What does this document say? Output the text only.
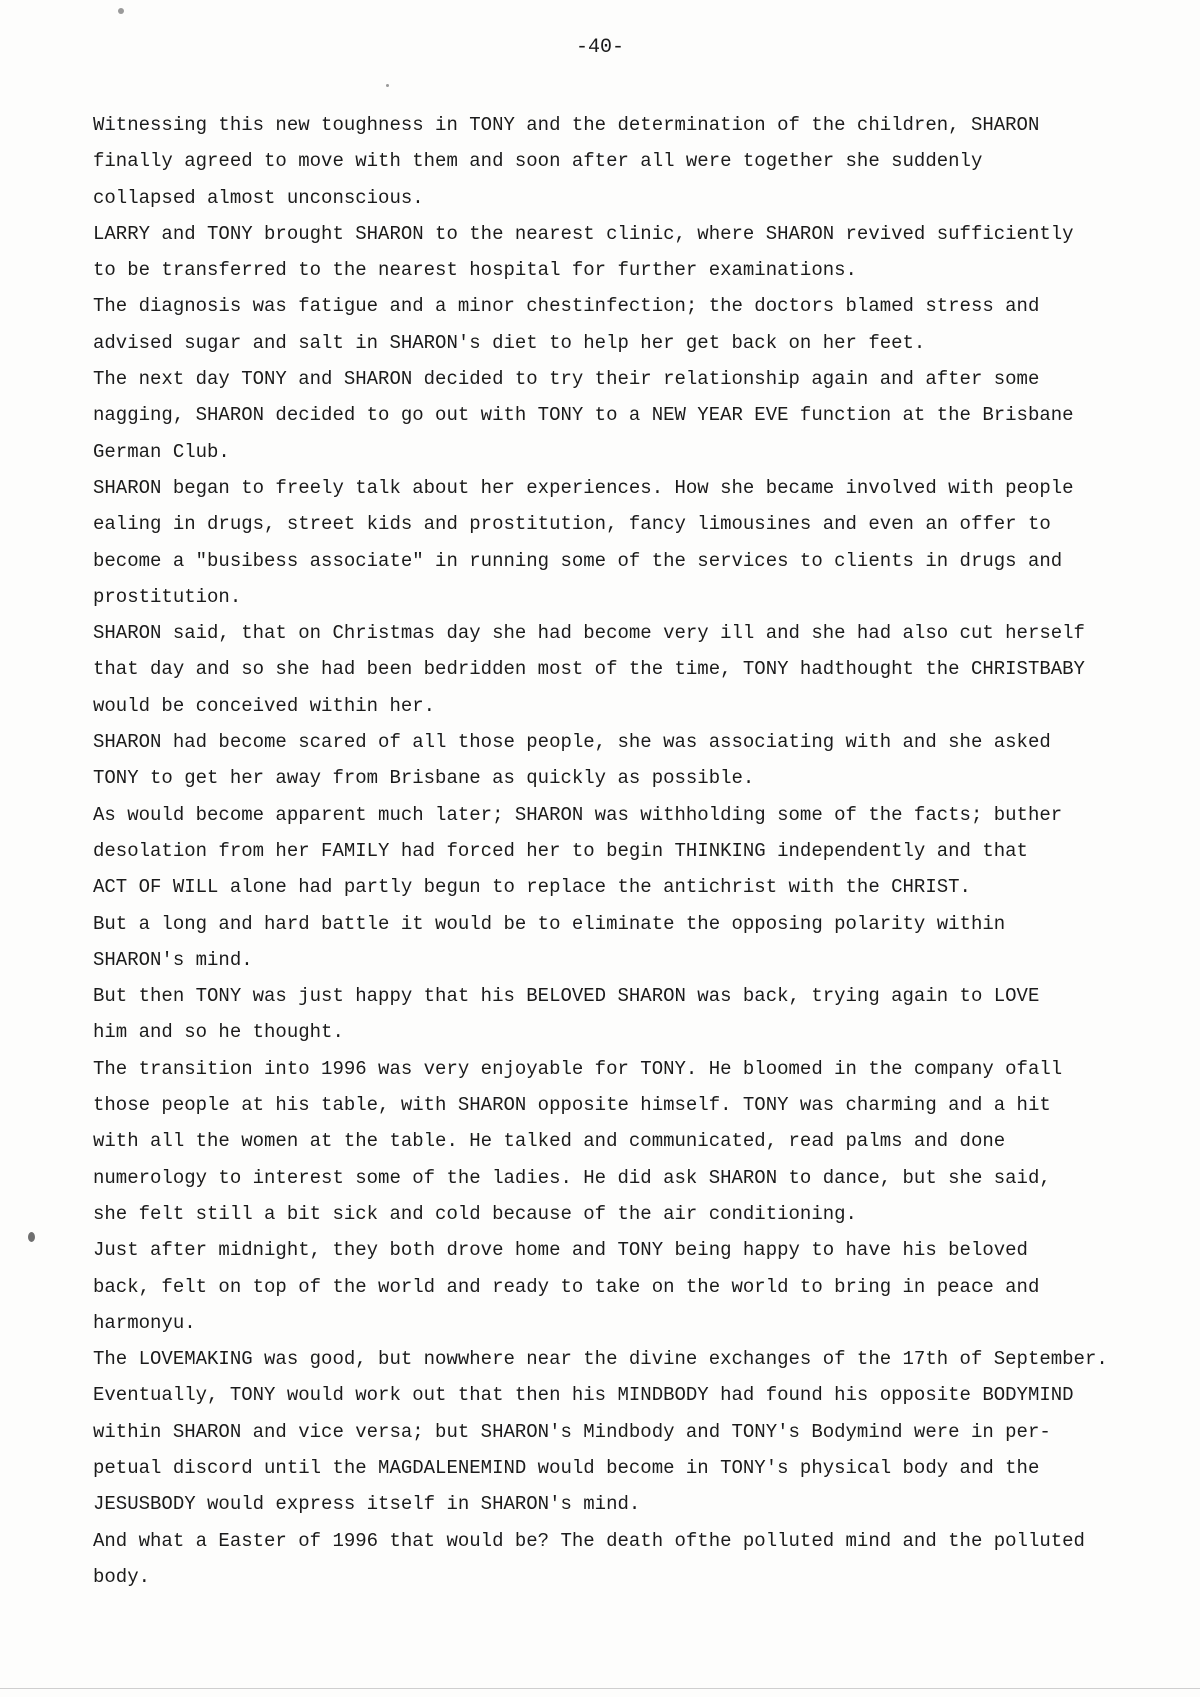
-40-
Witnessing this new toughness in TONY and the determination of the children, SHARON
finally agreed to move with them and soon after all were together she suddenly
collapsed almost unconscious.
LARRY and TONY brought SHARON to the nearest clinic, where SHARON revived sufficiently
to be transferred to the nearest hospital for further examinations.
The diagnosis was fatigue and a minor chestinfection; the doctors blamed stress and
advised sugar and salt in SHARON's diet to help her get back on her feet.
The next day TONY and SHARON decided to try their relationship again and after some
nagging, SHARON decided to go out with TONY to a NEW YEAR EVE function at the Brisbane
German Club.
SHARON began to freely talk about her experiences. How she became involved with people
ealing in drugs, street kids and prostitution, fancy limousines and even an offer to
become a "busibess associate" in running some of the services to clients in drugs and
prostitution.
SHARON said, that on Christmas day she had become very ill and she had also cut herself
that day and so she had been bedridden most of the time, TONY hadthought the CHRISTBABY
would be conceived within her.
SHARON had become scared of all those people, she was associating with and she asked
TONY to get her away from Brisbane as quickly as possible.
As would become apparent much later; SHARON was withholding some of the facts; buther
desolation from her FAMILY had forced her to begin THINKING independently and that
ACT OF WILL alone had partly begun to replace the antichrist with the CHRIST.
But a long and hard battle it would be to eliminate the opposing polarity within
SHARON's mind.
But then TONY was just happy that his BELOVED SHARON was back, trying again to LOVE
him and so he thought.
The transition into 1996 was very enjoyable for TONY. He bloomed in the company ofall
those people at his table, with SHARON opposite himself. TONY was charming and a hit
with all the women at the table. He talked and communicated, read palms and done
numerology to interest some of the ladies. He did ask SHARON to dance, but she said,
she felt still a bit sick and cold because of the air conditioning.
Just after midnight, they both drove home and TONY being happy to have his beloved
back, felt on top of the world and ready to take on the world to bring in peace and
harmonyu.
The LOVEMAKING was good, but nowwhere near the divine exchanges of the 17th of September.
Eventually, TONY would work out that then his MINDBODY had found his opposite BODYMIND
within SHARON and vice versa; but SHARON's Mindbody and TONY's Bodymind were in per-
petual discord until the MAGDALENEMIND would become in TONY's physical body and the
JESUSBODY would express itself in SHARON's mind.
And what a Easter of 1996 that would be? The death ofthe polluted mind and the polluted
body.
